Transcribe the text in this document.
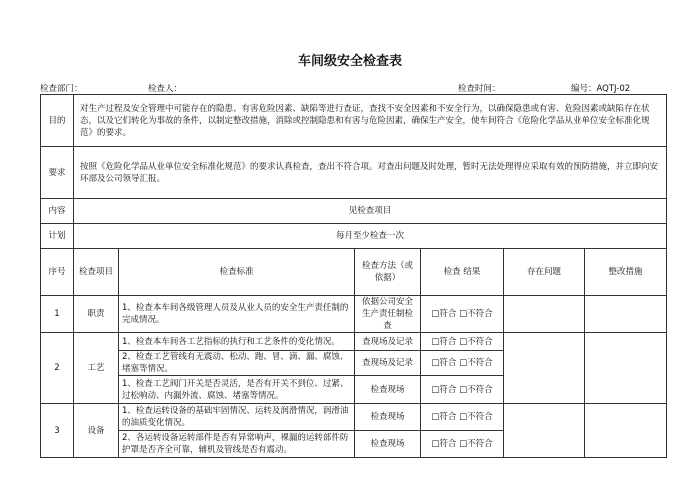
车间级安全检查表
检查部门：	检查人：	检查时间：	编号：AQTJ-02
目的	对生产过程及安全管理中可能存在的隐患、有害危险因素、缺陷等进行查证，查找不安全因素和不安全行为，以确保隐患或有害、危险因素或缺陷存在状态，以及它们转化为事故的条件，以制定整改措施，消除或控制隐患和有害与危险因素，确保生产安全，使车间符合《危险化学品从业单位安全标准化规范》的要求。					
要求	按照《危险化学品从业单位安全标准化规范》的要求认真检查，查出不符合项。对查出问题及时处理，暂时无法处理得应采取有效的预防措施，并立即向安环部及公司领导汇报。					
内容	见检查项目					
计划	每月至少检查一次					
序号	检查项目	检查标准	检查方法（或依据）	检查 结果	存在问题	整改措施
1	职责	1、检查本车间各级管理人员及从业人员的安全生产责任制的完成情况。	依据公司安全生产责任制检查	□符合 □不符合		
2	工艺	1、检查本车间各工艺指标的执行和工艺条件的变化情况。	查现场及记录	□符合 □不符合		
		2、检查工艺管线有无震动、松动、跑、冒、滴、漏、腐蚀、堵塞等情况。	查现场及记录	□符合 □不符合		
		1、检查工艺阀门开关是否灵活，是否有开关不到位、过紧、过松响动、内漏外流、腐蚀、堵塞等情况。	检查现场	□符合 □不符合		
3	设备	1、检查运转设备的基础牢固情况、运转及润滑情况，润滑油的油质变化情况。	检查现场	□符合 □不符合		
		2、各运转设备运转部件是否有异常响声，裸漏的运转部件防护罩是否齐全可靠，辅机及管线是否有震动。	检查现场	□符合 □不符合		
